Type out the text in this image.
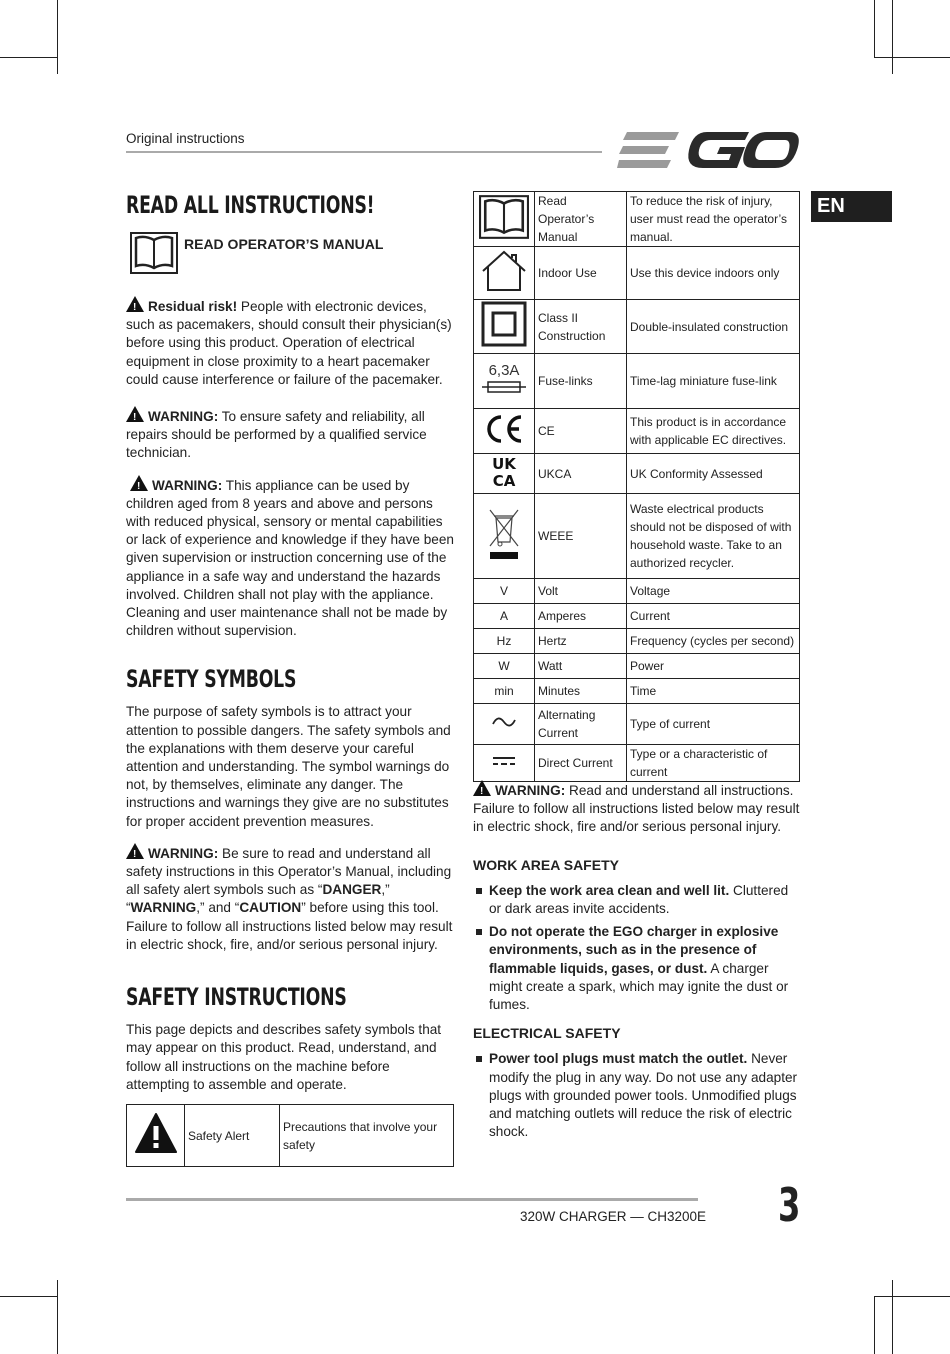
Original instructions
EN
READ ALL INSTRUCTIONS!
READ OPERATOR’S MANUAL

!Residual risk! People with electronic devices, such as pacemakers, should consult their physician(s) before using this product. Operation of electrical equipment in close proximity to a heart pacemaker could cause interference or failure of the pacemaker.

!WARNING: To ensure safety and reliability, all repairs should be performed by a qualified service technician.

!WARNING: This appliance can be used by children aged from 8 years and above and persons with reduced physical, sensory or mental capabilities or lack of experience and knowledge if they have been given supervision or instruction concerning use of the appliance in a safe way and understand the hazards involved. Children shall not play with the appliance. Cleaning and user maintenance shall not be made by children without supervision.

SAFETY SYMBOLS

The purpose of safety symbols is to attract your attention to possible dangers. The safety symbols and the explanations with them deserve your careful attention and understanding. The symbol warnings do not, by themselves, eliminate any danger. The instructions and warnings they give are no substitutes for proper accident prevention measures.

!WARNING: Be sure to read and understand all safety instructions in this Operator’s Manual, including all safety alert symbols such as “DANGER,” “WARNING,” and “CAUTION” before using this tool. Failure to follow all instructions listed below may result in electric shock, fire, and/or serious personal injury.

SAFETY INSTRUCTIONS

This page depicts and describes safety symbols that may appear on this product. Read, understand, and follow all instructions on the machine before attempting to assemble and operate.

	Safety Alert	Precautions that involve your safety
	Read Operator’s Manual	To reduce the risk of injury, user must read the operator’s manual.
	Indoor Use	Use this device indoors only
	Class II Construction	Double-insulated construction

6,3A	Fuse-links	Time-lag miniature fuse-link
	CE	This product is in accordance with applicable EC directives.

UK
CA	UKCA	UK Conformity Assessed
	WEEE	Waste electrical products should not be disposed of with household waste. Take to an authorized recycler.
V	Volt	Voltage
A	Amperes	Current
Hz	Hertz	Frequency (cycles per second)
W	Watt	Power
min	Minutes	Time
	Alternating Current	Type of current
	Direct Current	Type or a characteristic of current

!WARNING: Read and understand all instructions. Failure to follow all instructions listed below may result in electric shock, fire and/or serious personal injury.

WORK AREA SAFETY
Keep the work area clean and well lit. Cluttered or dark areas invite accidents.
Do not operate the EGO charger in explosive environments, such as in the presence of flammable liquids, gases, or dust. A charger might create a spark, which may ignite the dust or fumes.
ELECTRICAL SAFETY
Power tool plugs must match the outlet. Never modify the plug in any way. Do not use any adapter plugs with grounded power tools. Unmodified plugs and matching outlets will reduce the risk of electric shock.
320W CHARGER — CH3200E 3
